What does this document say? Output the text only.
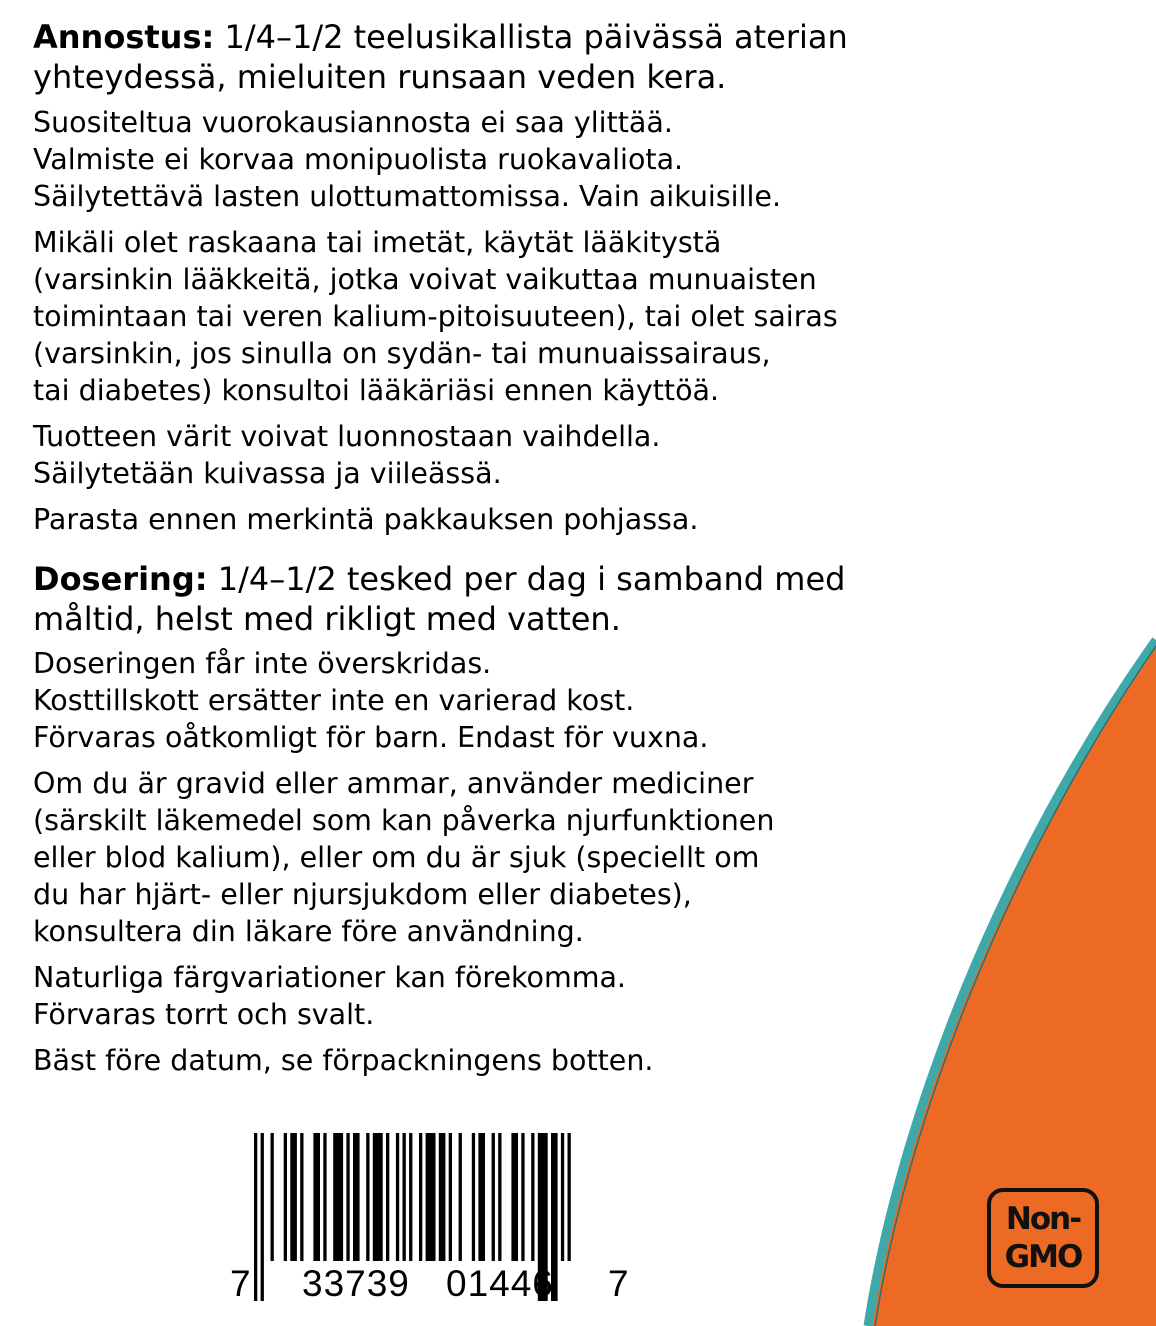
Annostus: 1/4–1/2 teelusikallista päivässä aterian
yhteydessä, mieluiten runsaan veden kera.

Suositeltua vuorokausiannosta ei saa ylittää.
Valmiste ei korvaa monipuolista ruokavaliota.
Säilytettävä lasten ulottumattomissa. Vain aikuisille.

Mikäli olet raskaana tai imetät, käytät lääkitystä
(varsinkin lääkkeitä, jotka voivat vaikuttaa munuaisten
toimintaan tai veren kalium-pitoisuuteen), tai olet sairas
(varsinkin, jos sinulla on sydän- tai munuaissairaus,
tai diabetes) konsultoi lääkäriäsi ennen käyttöä.

Tuotteen värit voivat luonnostaan vaihdella.
Säilytetään kuivassa ja viileässä.

Parasta ennen merkintä pakkauksen pohjassa.

Dosering: 1/4–1/2 tesked per dag i samband med
måltid, helst med rikligt med vatten.

Doseringen får inte överskridas.
Kosttillskott ersätter inte en varierad kost.
Förvaras oåtkomligt för barn. Endast för vuxna.

Om du är gravid eller ammar, använder mediciner
(särskilt läkemedel som kan påverka njurfunktionen
eller blod kalium), eller om du är sjuk (speciellt om
du har hjärt- eller njursjukdom eller diabetes),
konsultera din läkare före användning.

Naturliga färgvariationer kan förekomma.
Förvaras torrt och svalt.

Bäst före datum, se förpackningens botten.

7 33739 01446 7
Non-
GMO
